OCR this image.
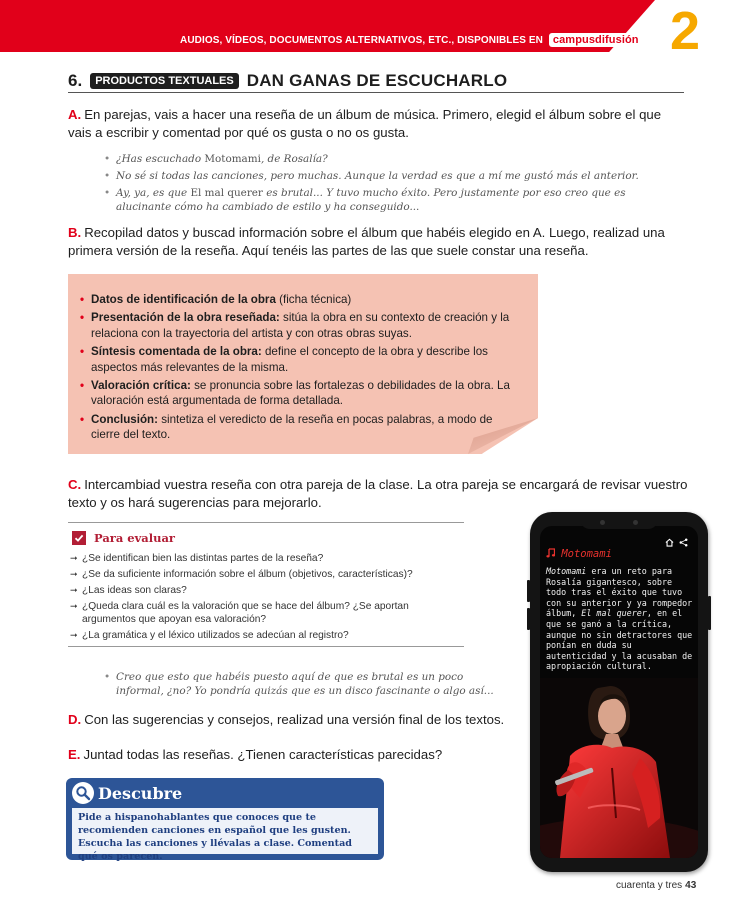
AUDIOS, VÍDEOS, DOCUMENTOS ALTERNATIVOS, ETC., DISPONIBLES EN campusdifusión 2
6.	PRODUCTOS TEXTUALES DAN GANAS DE ESCUCHARLO

A. En parejas, vais a hacer una reseña de un álbum de música. Primero, elegid el álbum sobre el que vais a escribir y comentad por qué os gusta o no os gusta.

• ¿Has escuchado Motomami, de Rosalía?
• No sé si todas las canciones, pero muchas. Aunque la verdad es que a mí me gustó más el anterior.
• Ay, ya, es que El mal querer es brutal... Y tuvo mucho éxito. Pero justamente por eso creo que es alucinante cómo ha cambiado de estilo y ha conseguido...

B. Recopilad datos y buscad información sobre el álbum que habéis elegido en A. Luego, realizad una primera versión de la reseña. Aquí tenéis las partes de las que suele constar una reseña.

• Datos de identificación de la obra (ficha técnica)
• Presentación de la obra reseñada: sitúa la obra en su contexto de creación y la relaciona con la trayectoria del artista y con otras obras suyas.
• Síntesis comentada de la obra: define el concepto de la obra y describe los aspectos más relevantes de la misma.
• Valoración crítica: se pronuncia sobre las fortalezas o debilidades de la obra. La valoración está argumentada de forma detallada.
• Conclusión: sintetiza el veredicto de la reseña en pocas palabras, a modo de cierre del texto.

C. Intercambiad vuestra reseña con otra pareja de la clase. La otra pareja se encargará de revisar vuestro texto y os hará sugerencias para mejorarlo.

Para evaluar
➞ ¿Se identifican bien las distintas partes de la reseña?
➞ ¿Se da suficiente información sobre el álbum (objetivos, características)?
➞ ¿Las ideas son claras?
➞ ¿Queda clara cuál es la valoración que se hace del álbum? ¿Se aportan argumentos que apoyan esa valoración?
➞ ¿La gramática y el léxico utilizados se adecúan al registro?
• Creo que esto que habéis puesto aquí de que es brutal es un poco informal, ¿no? Yo pondría quizás que es un disco fascinante o algo así...

D. Con las sugerencias y consejos, realizad una versión final de los textos.

E. Juntad todas las reseñas. ¿Tienen características parecidas?

Descubre
Pide a hispanohablantes que conoces que te recomienden canciones en español que les gusten. Escucha las canciones y llévalas a clase. Comentad qué os parecen.
Motomami
Motomami era un reto para Rosalía gigantesco, sobre todo tras el éxito que tuvo con su anterior y ya rompedor álbum, El mal querer, en el que se ganó a la crítica, aunque no sin detractores que ponían en duda su autenticidad y la acusaban de apropiación cultural.
cuarenta y tres 43
